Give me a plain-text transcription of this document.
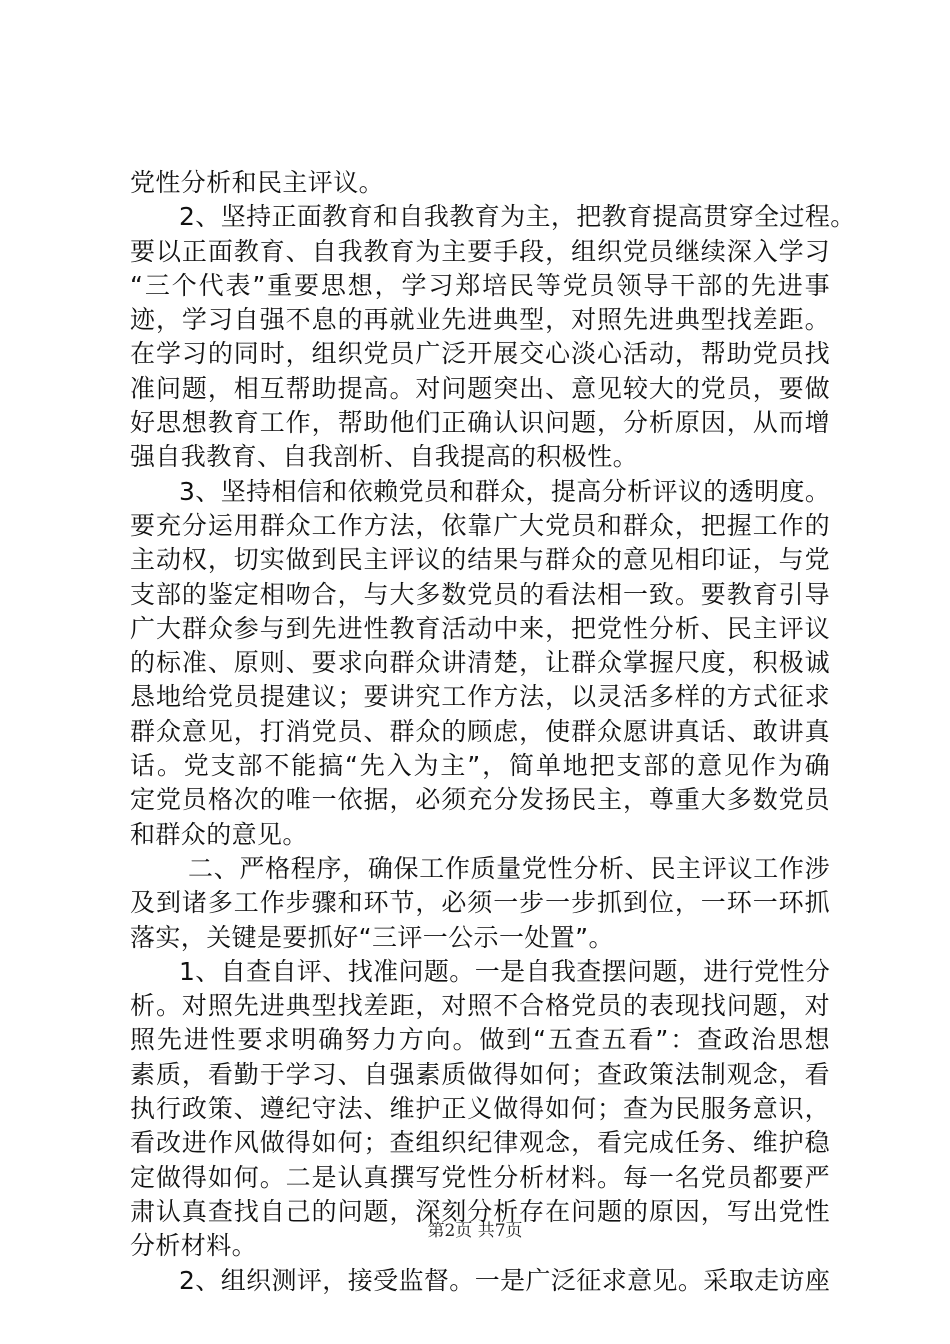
党性分析和民主评议。
2、坚持正面教育和自我教育为主，把教育提高贯穿全过程。
要以正面教育、自我教育为主要手段，组织党员继续深入学习
“三个代表”重要思想，学习郑培民等党员领导干部的先进事
迹，学习自强不息的再就业先进典型，对照先进典型找差距。
在学习的同时，组织党员广泛开展交心淡心活动，帮助党员找
准问题，相互帮助提高。对问题突出、意见较大的党员，要做
好思想教育工作，帮助他们正确认识问题，分析原因，从而增
强自我教育、自我剖析、自我提高的积极性。
3、坚持相信和依赖党员和群众，提高分析评议的透明度。
要充分运用群众工作方法，依靠广大党员和群众，把握工作的
主动权，切实做到民主评议的结果与群众的意见相印证，与党
支部的鉴定相吻合，与大多数党员的看法相一致。要教育引导
广大群众参与到先进性教育活动中来，把党性分析、民主评议
的标准、原则、要求向群众讲清楚，让群众掌握尺度，积极诚
恳地给党员提建议；要讲究工作方法，以灵活多样的方式征求
群众意见，打消党员、群众的顾虑，使群众愿讲真话、敢讲真
话。党支部不能搞“先入为主”，简单地把支部的意见作为确
定党员格次的唯一依据，必须充分发扬民主，尊重大多数党员
和群众的意见。
二、严格程序，确保工作质量党性分析、民主评议工作涉
及到诸多工作步骤和环节，必须一步一步抓到位，一环一环抓
落实，关键是要抓好“三评一公示一处置”。
1、自查自评、找准问题。一是自我查摆问题，进行党性分
析。对照先进典型找差距，对照不合格党员的表现找问题，对
照先进性要求明确努力方向。做到“五查五看”：查政治思想
素质，看勤于学习、自强素质做得如何；查政策法制观念，看
执行政策、遵纪守法、维护正义做得如何；查为民服务意识，
看改进作风做得如何；查组织纪律观念，看完成任务、维护稳
定做得如何。二是认真撰写党性分析材料。每一名党员都要严
肃认真查找自己的问题，深刻分析存在问题的原因，写出党性
分析材料。
2、组织测评，接受监督。一是广泛征求意见。采取走访座
第2页 共7页
